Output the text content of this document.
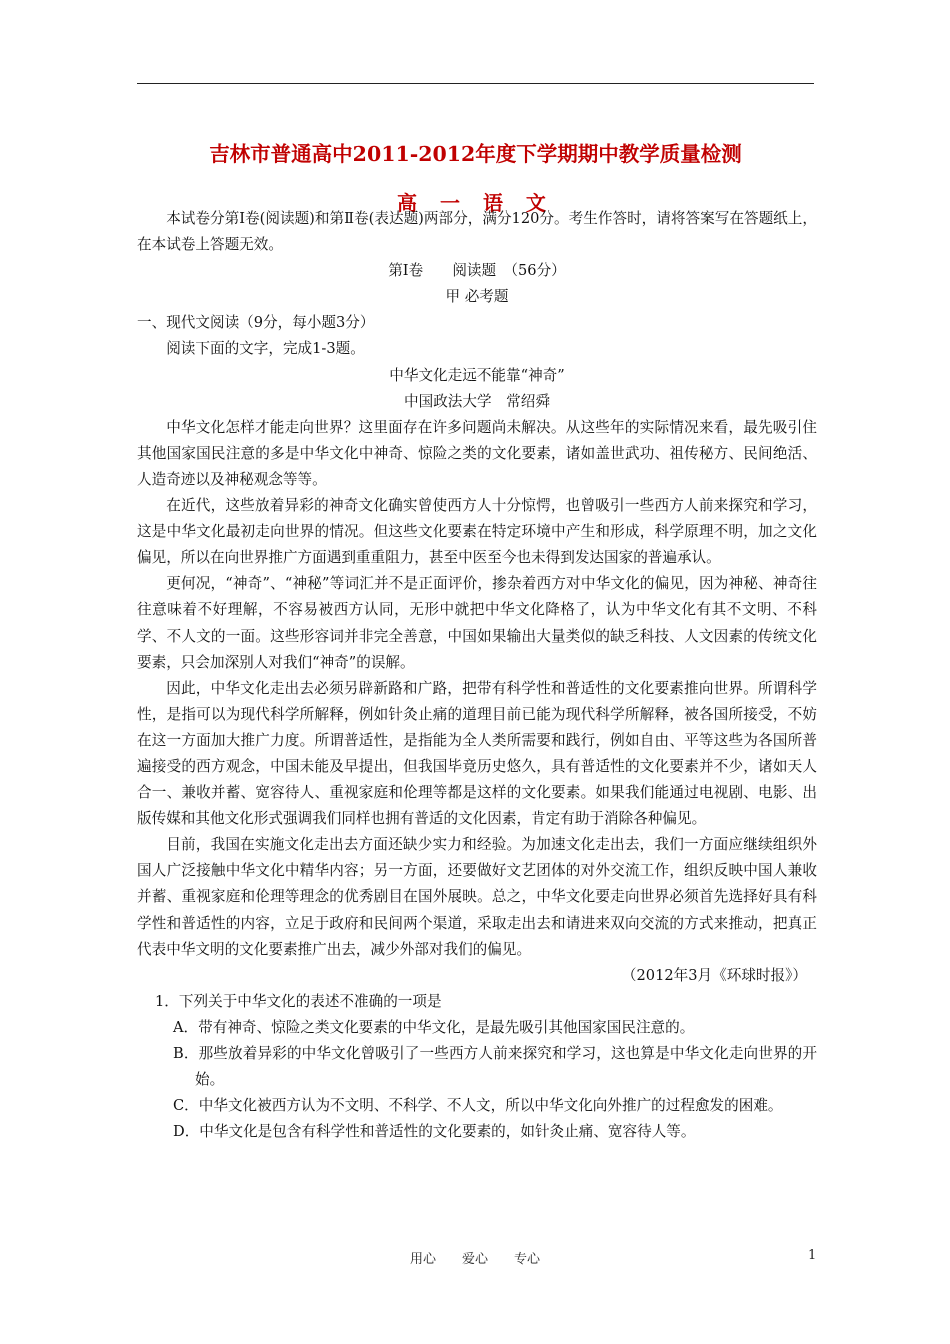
吉林市普通高中2011-2012年度下学期期中教学质量检测
高 一 语 文

本试卷分第Ⅰ卷(阅读题)和第Ⅱ卷(表达题)两部分，满分120分。考生作答时，请将答案写在答题纸上，在本试卷上答题无效。

第Ⅰ卷　　阅读题　（56分）

甲 必考题

一、现代文阅读（9分，每小题3分）

阅读下面的文字，完成1-3题。

中华文化走远不能靠“神奇”

中国政法大学　常绍舜

中华文化怎样才能走向世界？这里面存在许多问题尚未解决。从这些年的实际情况来看，最先吸引住其他国家国民注意的多是中华文化中神奇、惊险之类的文化要素，诸如盖世武功、祖传秘方、民间绝活、人造奇迹以及神秘观念等等。

在近代，这些放着异彩的神奇文化确实曾使西方人十分惊愕，也曾吸引一些西方人前来探究和学习，这是中华文化最初走向世界的情况。但这些文化要素在特定环境中产生和形成，科学原理不明，加之文化偏见，所以在向世界推广方面遇到重重阻力，甚至中医至今也未得到发达国家的普遍承认。

更何况，“神奇”、“神秘”等词汇并不是正面评价，掺杂着西方对中华文化的偏见，因为神秘、神奇往往意味着不好理解，不容易被西方认同，无形中就把中华文化降格了，认为中华文化有其不文明、不科学、不人文的一面。这些形容词并非完全善意，中国如果输出大量类似的缺乏科技、人文因素的传统文化要素，只会加深别人对我们“神奇”的误解。

因此，中华文化走出去必须另辟新路和广路，把带有科学性和普适性的文化要素推向世界。所谓科学性，是指可以为现代科学所解释，例如针灸止痛的道理目前已能为现代科学所解释，被各国所接受，不妨在这一方面加大推广力度。所谓普适性，是指能为全人类所需要和践行，例如自由、平等这些为各国所普遍接受的西方观念，中国未能及早提出，但我国毕竟历史悠久，具有普适性的文化要素并不少，诸如天人合一、兼收并蓄、宽容待人、重视家庭和伦理等都是这样的文化要素。如果我们能通过电视剧、电影、出版传媒和其他文化形式强调我们同样也拥有普适的文化因素，肯定有助于消除各种偏见。

目前，我国在实施文化走出去方面还缺少实力和经验。为加速文化走出去，我们一方面应继续组织外国人广泛接触中华文化中精华内容；另一方面，还要做好文艺团体的对外交流工作，组织反映中国人兼收并蓄、重视家庭和伦理等理念的优秀剧目在国外展映。总之，中华文化要走向世界必须首先选择好具有科学性和普适性的内容，立足于政府和民间两个渠道，采取走出去和请进来双向交流的方式来推动，把真正代表中华文明的文化要素推广出去，减少外部对我们的偏见。

（2012年3月《环球时报》）

1．下列关于中华文化的表述不准确的一项是

A．带有神奇、惊险之类文化要素的中华文化，是最先吸引其他国家国民注意的。

B．那些放着异彩的中华文化曾吸引了一些西方人前来探究和学习，这也算是中华文化走向世界的开始。

C．中华文化被西方认为不文明、不科学、不人文，所以中华文化向外推广的过程愈发的困难。

D．中华文化是包含有科学性和普适性的文化要素的，如针灸止痛、宽容待人等。

用心　　爱心　　专心	1
